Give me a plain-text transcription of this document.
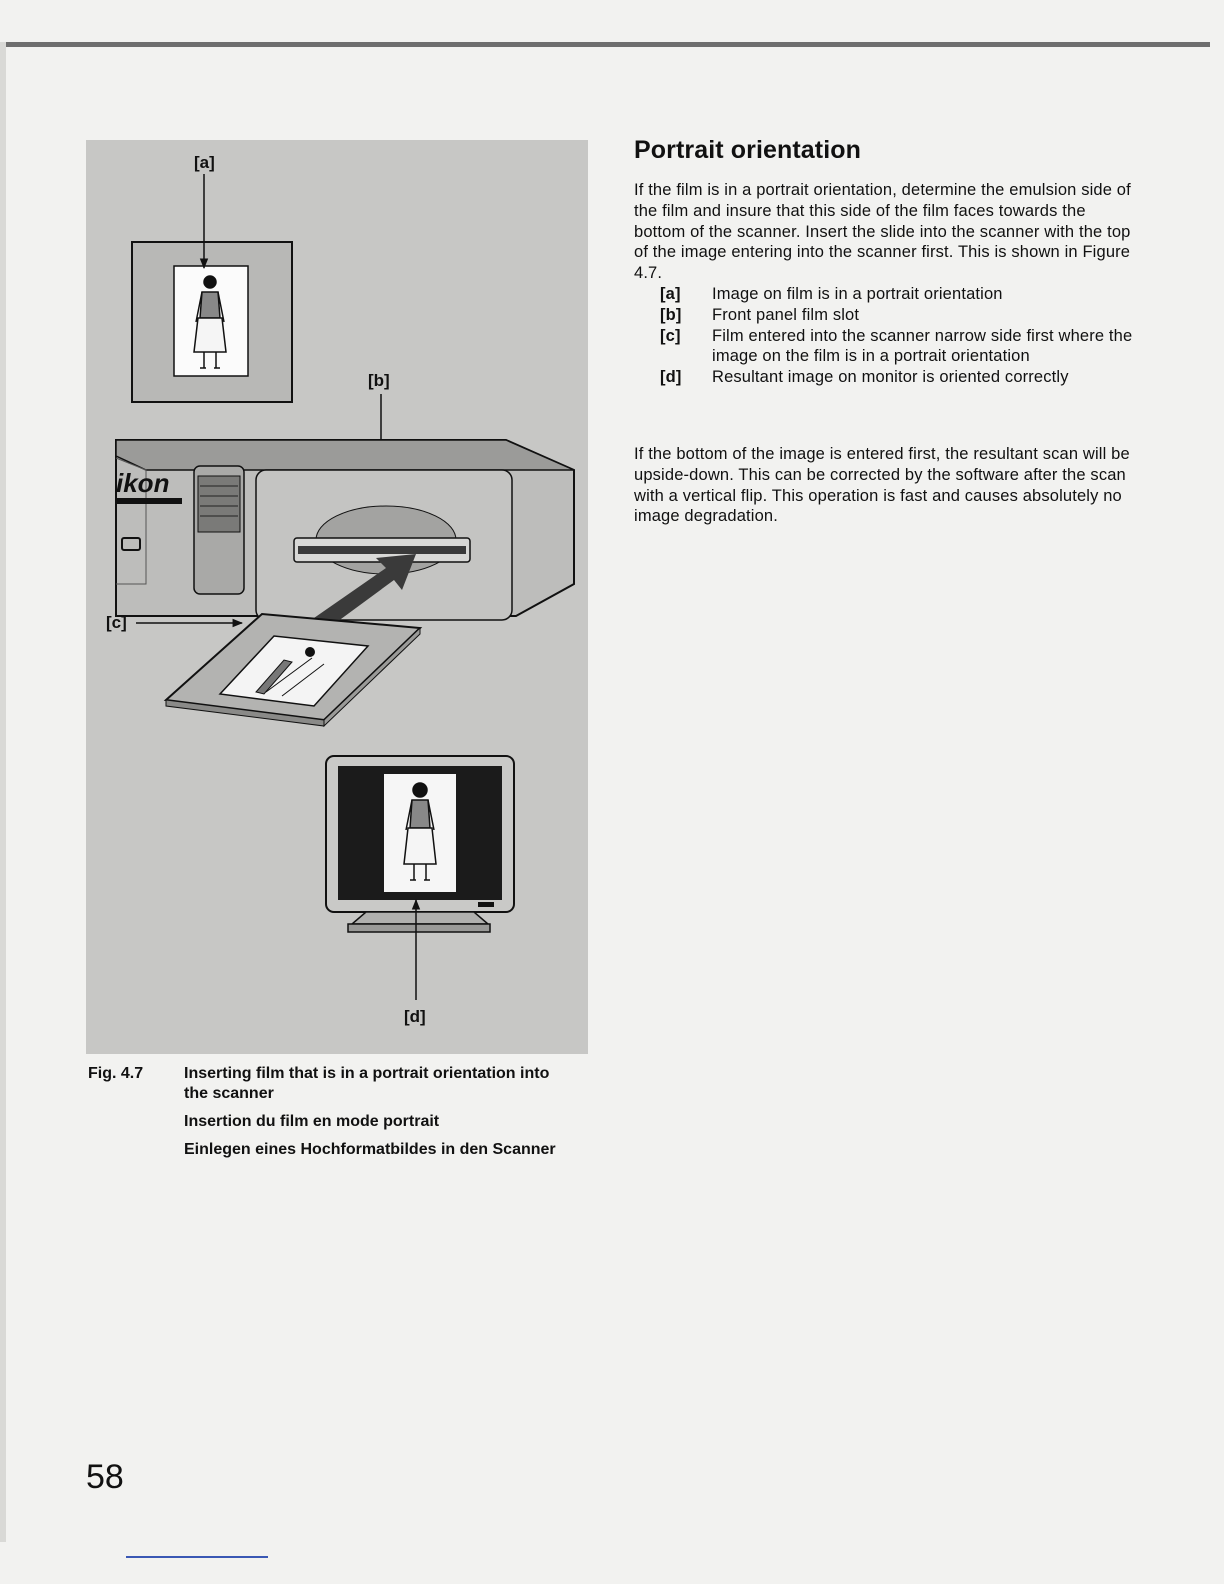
[a]
[b]
ikon
[c]
[d]
Fig. 4.7	Inserting film that is in a portrait orientation into the scanner
Insertion du film en mode portrait
Einlegen eines Hochformatbildes in den Scanner
Portrait orientation

If the film is in a portrait orientation, determine the emulsion side of the film and insure that this side of the film faces towards the bottom of the scanner. Insert the slide into the scanner with the top of the image entering into the scanner first. This is shown in Figure 4.7.

[a]	Image on film is in a portrait orientation
[b]	Front panel film slot
[c]	Film entered into the scanner narrow side first where the image on the film is in a portrait orientation
[d]	Resultant image on monitor is oriented correctly

If the bottom of the image is entered first, the resultant scan will be upside-down. This can be corrected by the software after the scan with a vertical flip. This operation is fast and causes absolutely no image degradation.

58
